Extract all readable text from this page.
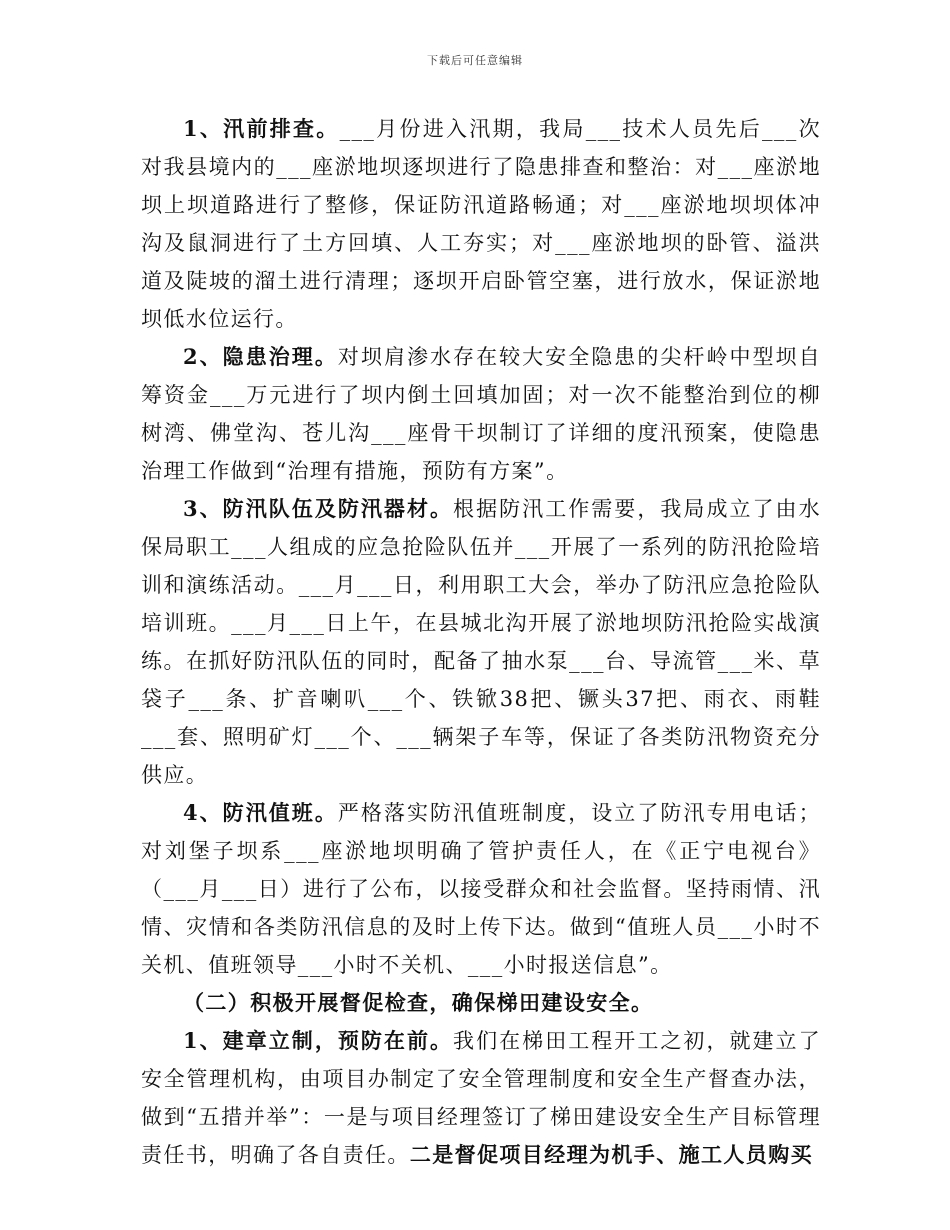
下载后可任意编辑

1、汛前排查。___月份进入汛期，我局___技术人员先后___次对我县境内的___座淤地坝逐坝进行了隐患排查和整治：对___座淤地坝上坝道路进行了整修，保证防汛道路畅通；对___座淤地坝坝体冲沟及鼠洞进行了土方回填、人工夯实；对___座淤地坝的卧管、溢洪道及陡坡的溜土进行清理；逐坝开启卧管空塞，进行放水，保证淤地坝低水位运行。

2、隐患治理。对坝肩渗水存在较大安全隐患的尖杆岭中型坝自筹资金___万元进行了坝内倒土回填加固；对一次不能整治到位的柳树湾、佛堂沟、苍儿沟___座骨干坝制订了详细的度汛预案，使隐患治理工作做到“治理有措施，预防有方案”。

3、防汛队伍及防汛器材。根据防汛工作需要，我局成立了由水保局职工___人组成的应急抢险队伍并___开展了一系列的防汛抢险培训和演练活动。___月___日，利用职工大会，举办了防汛应急抢险队培训班。___月___日上午，在县城北沟开展了淤地坝防汛抢险实战演练。在抓好防汛队伍的同时，配备了抽水泵___台、导流管___米、草袋子___条、扩音喇叭___个、铁锨38把、镢头37把、雨衣、雨鞋___套、照明矿灯___个、___辆架子车等，保证了各类防汛物资充分供应。

4、防汛值班。严格落实防汛值班制度，设立了防汛专用电话；对刘堡子坝系___座淤地坝明确了管护责任人，在《正宁电视台》（___月___日）进行了公布，以接受群众和社会监督。坚持雨情、汛情、灾情和各类防汛信息的及时上传下达。做到“值班人员___小时不关机、值班领导___小时不关机、___小时报送信息”。

（二）积极开展督促检查，确保梯田建设安全。

1、建章立制，预防在前。我们在梯田工程开工之初，就建立了安全管理机构，由项目办制定了安全管理制度和安全生产督查办法，做到“五措并举”：一是与项目经理签订了梯田建设安全生产目标管理责任书，明确了各自责任。二是督促项目经理为机手、施工人员购买
